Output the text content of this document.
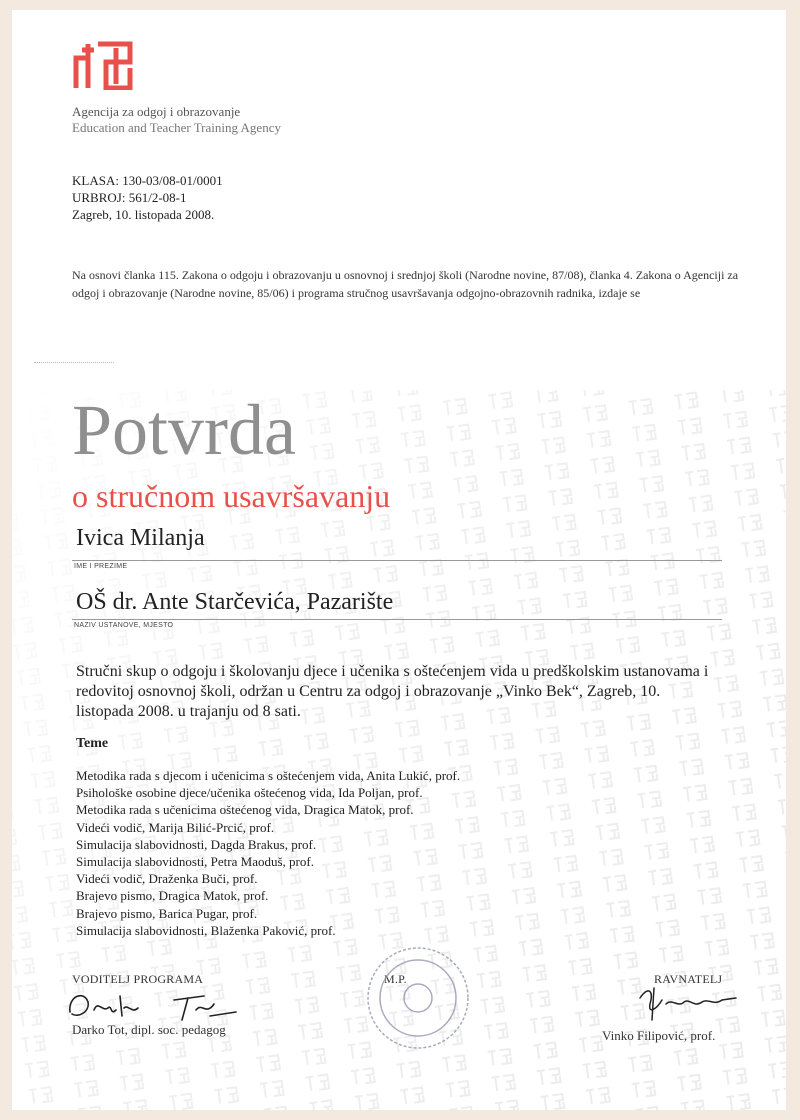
Agencija za odgoj i obrazovanje
Education and Teacher Training Agency
KLASA: 130-03/08-01/0001
URBROJ: 561/2-08-1
Zagreb, 10. listopada 2008.
Na osnovi članka 115. Zakona o odgoju i obrazovanju u osnovnoj i srednjoj školi (Narodne novine, 87/08), članka 4. Zakona o Agenciji za odgoj i obrazovanje (Narodne novine, 85/06) i programa stručnog usavršavanja odgojno-obrazovnih radnika, izdaje se
Potvrda
o stručnom usavršavanju
Ivica Milanja
IME I PREZIME
OŠ dr. Ante Starčevića, Pazarište
NAZIV USTANOVE, MJESTO
Stručni skup o odgoju i školovanju djece i učenika s oštećenjem vida u predškolskim ustanovama i redovitoj osnovnoj školi, održan u Centru za odgoj i obrazovanje „Vinko Bek“, Zagreb, 10. listopada 2008. u trajanju od 8 sati.
Teme
Metodika rada s djecom i učenicima s oštećenjem vida, Anita Lukić, prof.
Psihološke osobine djece/učenika oštećenog vida, Ida Poljan, prof.
Metodika rada s učenicima oštećenog vida, Dragica Matok, prof.
Videći vodič, Marija Bilić-Prcić, prof.
Simulacija slabovidnosti, Dagda Brakus, prof.
Simulacija slabovidnosti, Petra Maoduš, prof.
Videći vodič, Draženka Buči, prof.
Brajevo pismo, Dragica Matok, prof.
Brajevo pismo, Barica Pugar, prof.
Simulacija slabovidnosti, Blaženka Paković, prof.
VODITELJ PROGRAMA
Darko Tot, dipl. soc. pedagog
M.P.	RAVNATELJ
Vinko Filipović, prof.
